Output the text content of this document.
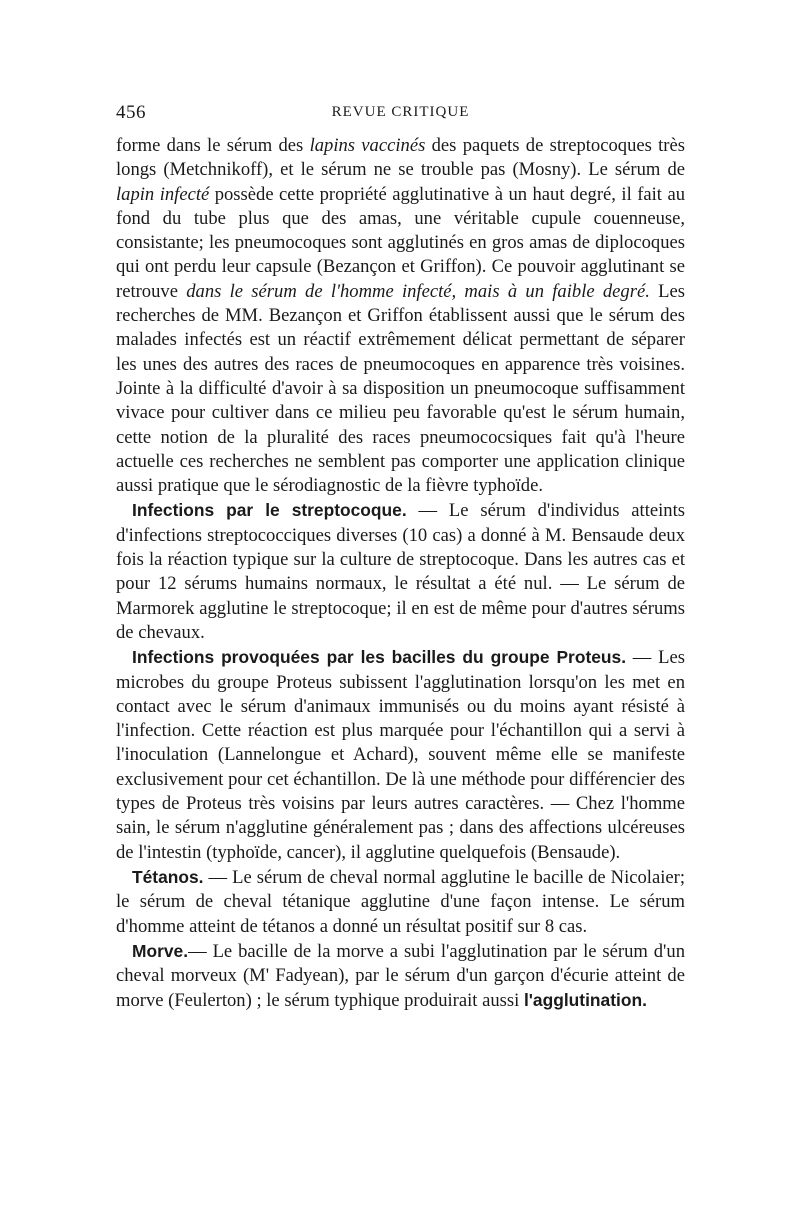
456	REVUE CRITIQUE

forme dans le sérum des lapins vaccinés des paquets de streptocoques très longs (Metchnikoff), et le sérum ne se trouble pas (Mosny). Le sérum de lapin infecté possède cette propriété agglutinative à un haut degré, il fait au fond du tube plus que des amas, une véritable cupule couenneuse, consistante; les pneumocoques sont agglutinés en gros amas de diplocoques qui ont perdu leur capsule (Bezançon et Griffon). Ce pouvoir agglutinant se retrouve dans le sérum de l'homme infecté, mais à un faible degré. Les recherches de MM. Bezançon et Griffon établissent aussi que le sérum des malades infectés est un réactif extrêmement délicat permettant de séparer les unes des autres des races de pneumocoques en apparence très voisines. Jointe à la difficulté d'avoir à sa disposition un pneumocoque suffisamment vivace pour cultiver dans ce milieu peu favorable qu'est le sérum humain, cette notion de la pluralité des races pneumococsiques fait qu'à l'heure actuelle ces recherches ne semblent pas comporter une application clinique aussi pratique que le sérodiagnostic de la fièvre typhoïde.

Infections par le streptocoque. — Le sérum d'individus atteints d'infections streptococciques diverses (10 cas) a donné à M. Bensaude deux fois la réaction typique sur la culture de streptocoque. Dans les autres cas et pour 12 sérums humains normaux, le résultat a été nul. — Le sérum de Marmorek agglutine le streptocoque; il en est de même pour d'autres sérums de chevaux.

Infections provoquées par les bacilles du groupe Proteus. — Les microbes du groupe Proteus subissent l'agglutination lorsqu'on les met en contact avec le sérum d'animaux immunisés ou du moins ayant résisté à l'infection. Cette réaction est plus marquée pour l'échantillon qui a servi à l'inoculation (Lannelongue et Achard), souvent même elle se manifeste exclusivement pour cet échantillon. De là une méthode pour différencier des types de Proteus très voisins par leurs autres caractères. — Chez l'homme sain, le sérum n'agglutine généralement pas ; dans des affections ulcéreuses de l'intestin (typhoïde, cancer), il agglutine quelquefois (Bensaude).

Tétanos. — Le sérum de cheval normal agglutine le bacille de Nicolaier; le sérum de cheval tétanique agglutine d'une façon intense. Le sérum d'homme atteint de tétanos a donné un résultat positif sur 8 cas.

Morve.— Le bacille de la morve a subi l'agglutination par le sérum d'un cheval morveux (M' Fadyean), par le sérum d'un garçon d'écurie atteint de morve (Feulerton) ; le sérum typhique produirait aussi l'agglutination.
